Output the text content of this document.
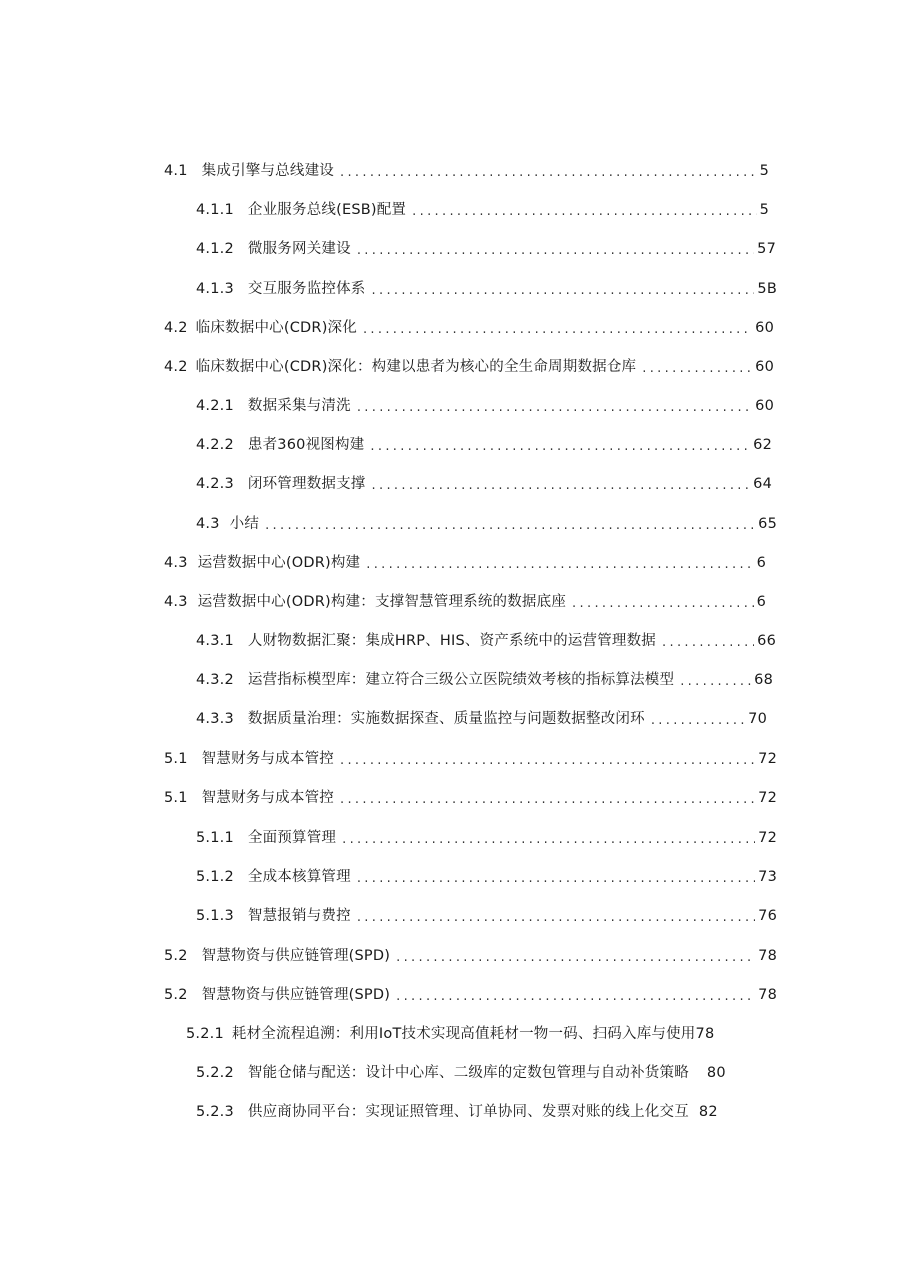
4.1 集成引擎与总线建设 . . .	5
4.1.1 企业服务总线(ESB)配置 . . .	5
4.1.2 微服务网关建设 . . .	57
4.1.3 交互服务监控体系 . . .	5B
4.2 临床数据中心(CDR)深化 . . .	60
4.2 临床数据中心(CDR)深化：构建以患者为核心的全生命周期数据仓库 . . .	60
4.2.1 数据采集与清洗 . . .	60
4.2.2 患者360视图构建 . . .	62
4.2.3 闭环管理数据支撑 . . .	64
4.3 小结 . . .	65
4.3 运营数据中心(ODR)构建 . . .	6
4.3 运营数据中心(ODR)构建：支撑智慧管理系统的数据底座 . . .	6
4.3.1 人财物数据汇聚：集成HRP、HIS、资产系统中的运营管理数据 . . .	66
4.3.2 运营指标模型库：建立符合三级公立医院绩效考核的指标算法模型 . . .	68
4.3.3 数据质量治理：实施数据探查、质量监控与问题数据整改闭环 . . .	70
5.1 智慧财务与成本管控 . . .	72
5.1 智慧财务与成本管控 . . .	72
5.1.1 全面预算管理 . . .	72
5.1.2 全成本核算管理 . . .	73
5.1.3 智慧报销与费控 . . .	76
5.2 智慧物资与供应链管理(SPD) . . .	78
5.2 智慧物资与供应链管理(SPD) . . .	78
5.2.1 耗材全流程追溯：利用IoT技术实现高值耗材一物一码、扫码入库与使用 78
5.2.2 智能仓储与配送：设计中心库、二级库的定数包管理与自动补货策略 80
5.2.3 供应商协同平台：实现证照管理、订单协同、发票对账的线上化交互 82
